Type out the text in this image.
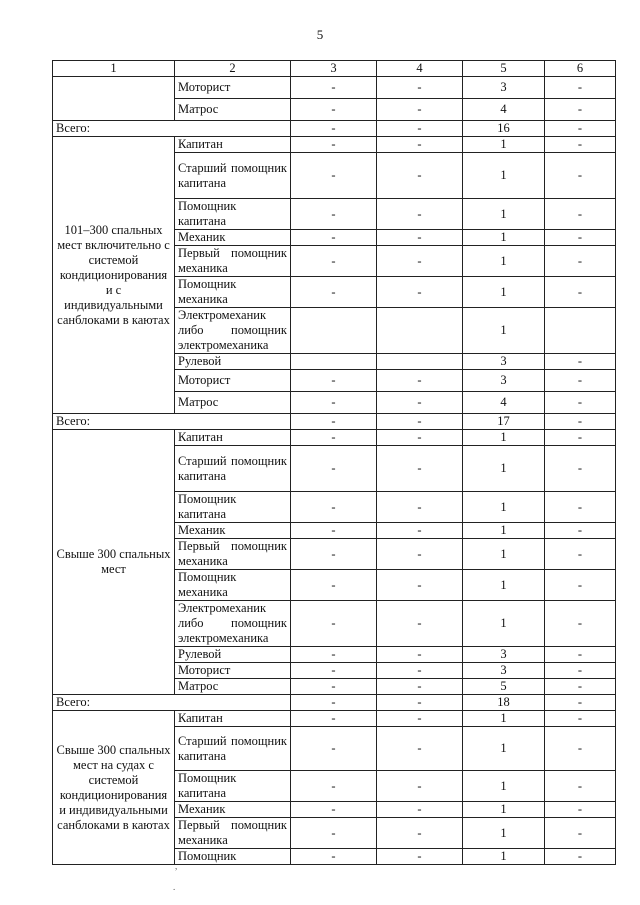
5
1	2	3	4	5	6
	Моторист	-	-	3	-
	Матрос	-	-	4	-
Всего:		-	-	16	-
101–300 спальных мест включительно с системой кондиционирования и с индивидуальными санблоками в каютах	Капитан	-	-	1	-
	Старший помощник капитана	-	-	1	-
	Помощник капитана	-	-	1	-
	Механик	-	-	1	-
	Первый помощник механика	-	-	1	-
	Помощник механика	-	-	1	-
	Электромеханик либо помощник электромеханика			1	
	Рулевой			3	-
	Моторист	-	-	3	-
	Матрос	-	-	4	-
Всего:		-	-	17	-
Свыше 300 спальных мест	Капитан	-	-	1	-
	Старший помощник капитана	-	-	1	-
	Помощник капитана	-	-	1	-
	Механик	-	-	1	-
	Первый помощник механика	-	-	1	-
	Помощник механика	-	-	1	-
	Электромеханик либо помощник электромеханика	-	-	1	-
	Рулевой	-	-	3	-
	Моторист	-	-	3	-
	Матрос	-	-	5	-
Всего:		-	-	18	-
Свыше 300 спальных мест на судах с системой кондиционирования и индивидуальными санблоками в каютах	Капитан	-	-	1	-
	Старший помощник капитана	-	-	1	-
	Помощник капитана	-	-	1	-
	Механик	-	-	1	-
	Первый помощник механика	-	-	1	-
	Помощник	-	-	1	-
,
.
